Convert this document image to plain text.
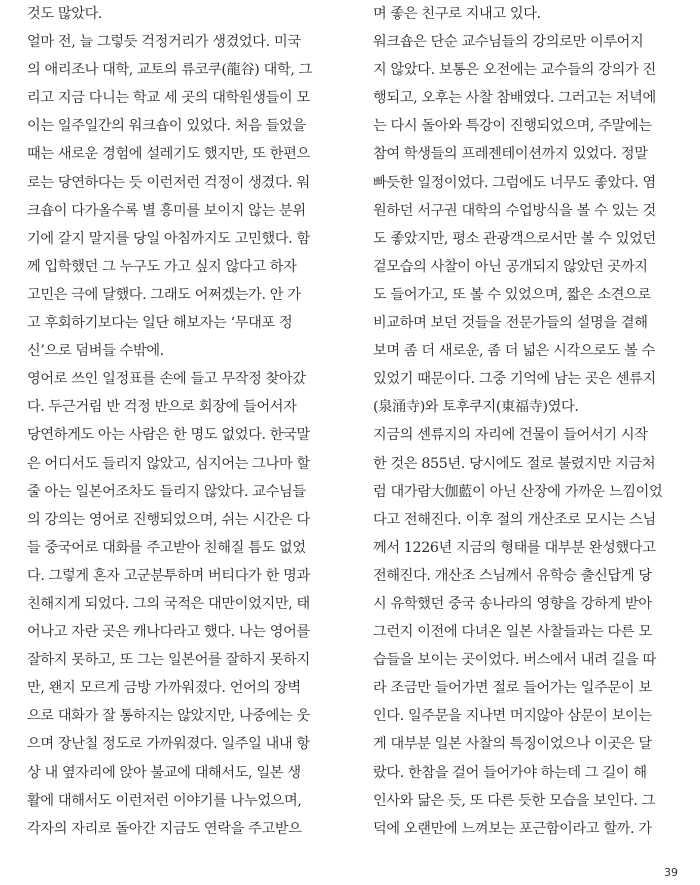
것도 많았다.
얼마 전, 늘 그렇듯 걱정거리가 생겼었다. 미국
의 애리조나 대학, 교토의 류코쿠(龍谷) 대학, 그
리고 지금 다니는 학교 세 곳의 대학원생들이 모
이는 일주일간의 워크숍이 있었다. 처음 들었을
때는 새로운 경험에 설레기도 했지만, 또 한편으
로는 당연하다는 듯 이런저런 걱정이 생겼다. 워
크숍이 다가올수록 별 흥미를 보이지 않는 분위
기에 갈지 말지를 당일 아침까지도 고민했다. 함
께 입학했던 그 누구도 가고 싶지 않다고 하자
고민은 극에 달했다. 그래도 어쩌겠는가. 안 가
고 후회하기보다는 일단 해보자는 ‘무대포 정
신’으로 덤벼들 수밖에.
영어로 쓰인 일정표를 손에 들고 무작정 찾아갔
다. 두근거림 반 걱정 반으로 회장에 들어서자
당연하게도 아는 사람은 한 명도 없었다. 한국말
은 어디서도 들리지 않았고, 심지어는 그나마 할
줄 아는 일본어조차도 들리지 않았다. 교수님들
의 강의는 영어로 진행되었으며, 쉬는 시간은 다
들 중국어로 대화를 주고받아 친해질 틈도 없었
다. 그렇게 혼자 고군분투하며 버티다가 한 명과
친해지게 되었다. 그의 국적은 대만이었지만, 태
어나고 자란 곳은 캐나다라고 했다. 나는 영어를
잘하지 못하고, 또 그는 일본어를 잘하지 못하지
만, 왠지 모르게 금방 가까워졌다. 언어의 장벽
으로 대화가 잘 통하지는 않았지만, 나중에는 웃
으며 장난칠 정도로 가까워졌다. 일주일 내내 항
상 내 옆자리에 앉아 불교에 대해서도, 일본 생
활에 대해서도 이런저런 이야기를 나누었으며,
각자의 자리로 돌아간 지금도 연락을 주고받으
며 좋은 친구로 지내고 있다.
워크숍은 단순 교수님들의 강의로만 이루어지
지 않았다. 보통은 오전에는 교수들의 강의가 진
행되고, 오후는 사찰 참배였다. 그러고는 저녁에
는 다시 돌아와 특강이 진행되었으며, 주말에는
참여 학생들의 프레젠테이션까지 있었다. 정말
빠듯한 일정이었다. 그럼에도 너무도 좋았다. 염
원하던 서구권 대학의 수업방식을 볼 수 있는 것
도 좋았지만, 평소 관광객으로서만 볼 수 있었던
겉모습의 사찰이 아닌 공개되지 않았던 곳까지
도 들어가고, 또 볼 수 있었으며, 짧은 소견으로
비교하며 보던 것들을 전문가들의 설명을 곁해
보며 좀 더 새로운, 좀 더 넓은 시각으로도 볼 수
있었기 때문이다. 그중 기억에 남는 곳은 센류지
(泉涌寺)와 토후쿠지(東福寺)였다.
지금의 센류지의 자리에 건물이 들어서기 시작
한 것은 855년. 당시에도 절로 불렸지만 지금처
럼 대가람大伽藍이 아닌 산장에 가까운 느낌이었
다고 전해진다. 이후 절의 개산조로 모시는 스님
께서 1226년 지금의 형태를 대부분 완성했다고
전해진다. 개산조 스님께서 유학승 출신답게 당
시 유학했던 중국 송나라의 영향을 강하게 받아
그런지 이전에 다녀온 일본 사찰들과는 다른 모
습들을 보이는 곳이었다. 버스에서 내려 길을 따
라 조금만 들어가면 절로 들어가는 일주문이 보
인다. 일주문을 지나면 머지않아 삼문이 보이는
게 대부분 일본 사찰의 특징이었으나 이곳은 달
랐다. 한참을 걸어 들어가야 하는데 그 길이 해
인사와 닮은 듯, 또 다른 듯한 모습을 보인다. 그
덕에 오랜만에 느껴보는 포근함이라고 할까. 가
39
